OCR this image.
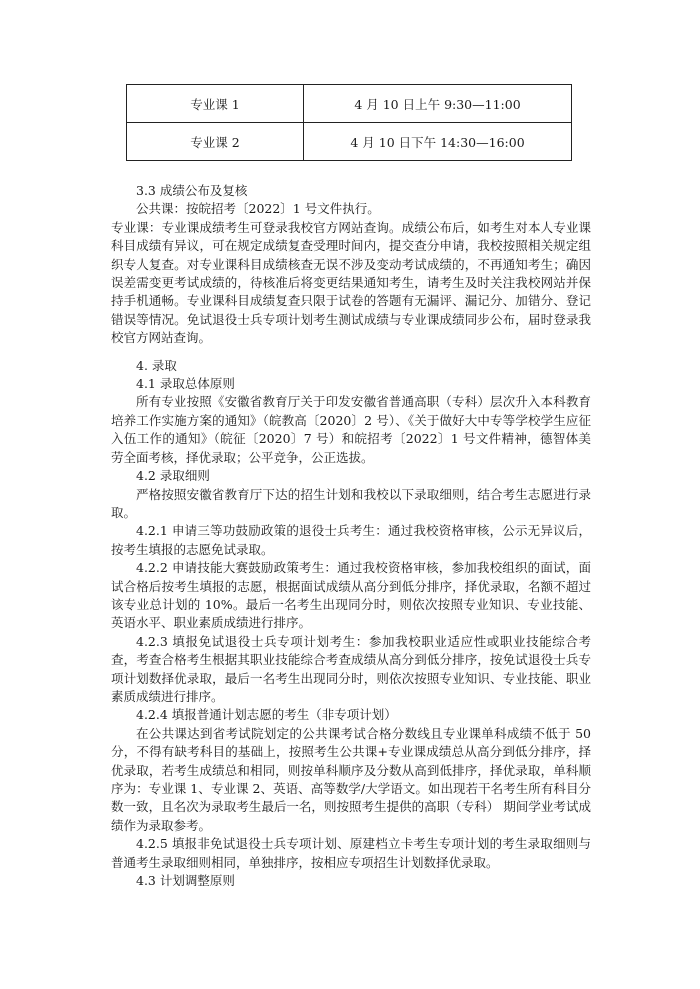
专业课 1	4 月 10 日上午 9:30—11:00
专业课 2	4 月 10 日下午 14:30—16:00

3.3 成绩公布及复核

公共课：按皖招考〔2022〕1 号文件执行。

专业课：专业课成绩考生可登录我校官方网站查询。成绩公布后，如考生对本人专业课科目成绩有异议，可在规定成绩复查受理时间内，提交查分申请，我校按照相关规定组织专人复查。对专业课科目成绩核查无误不涉及变动考试成绩的，不再通知考生；确因误差需变更考试成绩的，待核准后将变更结果通知考生，请考生及时关注我校网站并保持手机通畅。专业课科目成绩复查只限于试卷的答题有无漏评、漏记分、加错分、登记错误等情况。免试退役士兵专项计划考生测试成绩与专业课成绩同步公布，届时登录我校官方网站查询。

4. 录取

4.1 录取总体原则

所有专业按照《安徽省教育厅关于印发安徽省普通高职（专科）层次升入本科教育培养工作实施方案的通知》（皖教高〔2020〕2 号）、《关于做好大中专等学校学生应征入伍工作的通知》（皖征〔2020〕7 号）和皖招考〔2022〕1 号文件精神，德智体美劳全面考核，择优录取；公平竞争，公正选拔。

4.2 录取细则

严格按照安徽省教育厅下达的招生计划和我校以下录取细则，结合考生志愿进行录取。

4.2.1 申请三等功鼓励政策的退役士兵考生：通过我校资格审核，公示无异议后，按考生填报的志愿免试录取。

4.2.2 申请技能大赛鼓励政策考生：通过我校资格审核，参加我校组织的面试，面试合格后按考生填报的志愿，根据面试成绩从高分到低分排序，择优录取，名额不超过该专业总计划的 10%。最后一名考生出现同分时，则依次按照专业知识、专业技能、英语水平、职业素质成绩进行排序。

4.2.3 填报免试退役士兵专项计划考生：参加我校职业适应性或职业技能综合考查，考查合格考生根据其职业技能综合考查成绩从高分到低分排序，按免试退役士兵专项计划数择优录取，最后一名考生出现同分时，则依次按照专业知识、专业技能、职业素质成绩进行排序。

4.2.4 填报普通计划志愿的考生（非专项计划）

在公共课达到省考试院划定的公共课考试合格分数线且专业课单科成绩不低于 50 分，不得有缺考科目的基础上，按照考生公共课+专业课成绩总从高分到低分排序，择优录取，若考生成绩总和相同，则按单科顺序及分数从高到低排序，择优录取，单科顺序为：专业课 1、专业课 2、英语、高等数学/大学语文。如出现若干名考生所有科目分数一致，且名次为录取考生最后一名，则按照考生提供的高职（专科） 期间学业考试成绩作为录取参考。

4.2.5 填报非免试退役士兵专项计划、原建档立卡考生专项计划的考生录取细则与普通考生录取细则相同，单独排序，按相应专项招生计划数择优录取。

4.3 计划调整原则
